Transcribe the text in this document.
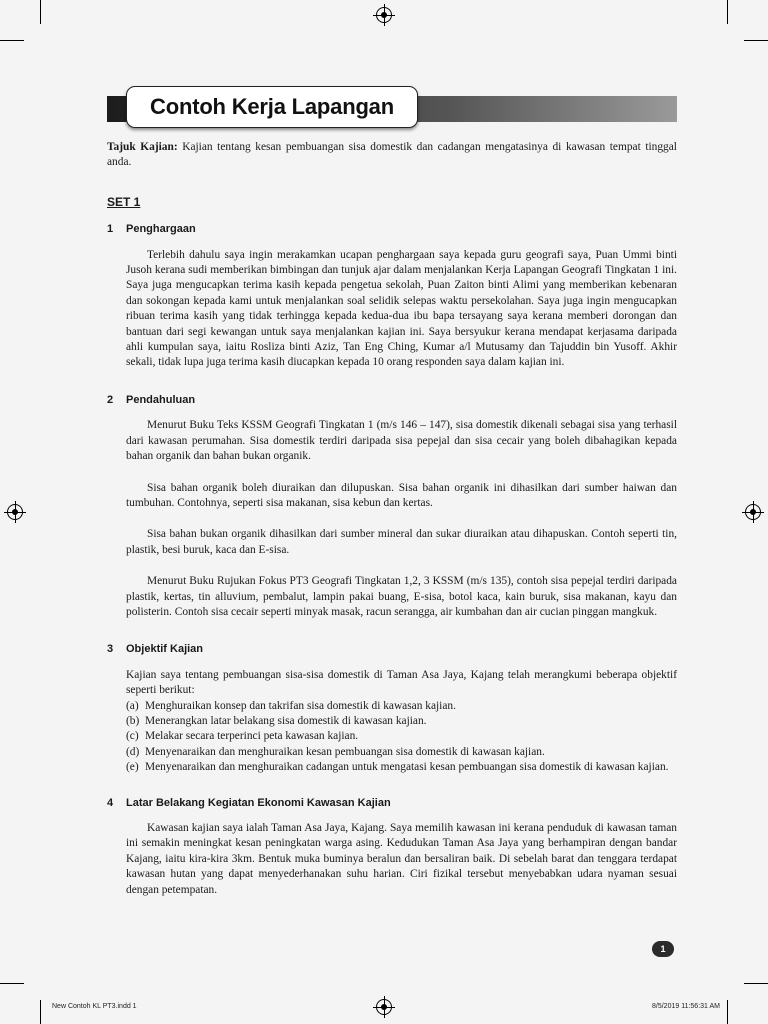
Contoh Kerja Lapangan

Tajuk Kajian: Kajian tentang kesan pembuangan sisa domestik dan cadangan mengatasinya di kawasan tempat tinggal anda.

SET 1
1	Penghargaan

Terlebih dahulu saya ingin merakamkan ucapan penghargaan saya kepada guru geografi saya, Puan Ummi binti Jusoh kerana sudi memberikan bimbingan dan tunjuk ajar dalam menjalankan Kerja Lapangan Geografi Tingkatan 1 ini. Saya juga mengucapkan terima kasih kepada pengetua sekolah, Puan Zaiton binti Alimi yang memberikan kebenaran dan sokongan kepada kami untuk menjalankan soal selidik selepas waktu persekolahan. Saya juga ingin mengucapkan ribuan terima kasih yang tidak terhingga kepada kedua-dua ibu bapa tersayang saya kerana memberi dorongan dan bantuan dari segi kewangan untuk saya menjalankan kajian ini. Saya bersyukur kerana mendapat kerjasama daripada ahli kumpulan saya, iaitu Rosliza binti Aziz, Tan Eng Ching, Kumar a/l Mutusamy dan Tajuddin bin Yusoff. Akhir sekali, tidak lupa juga terima kasih diucapkan kepada 10 orang responden saya dalam kajian ini.

2	Pendahuluan

Menurut Buku Teks KSSM Geografi Tingkatan 1 (m/s 146 – 147), sisa domestik dikenali sebagai sisa yang terhasil dari kawasan perumahan. Sisa domestik terdiri daripada sisa pepejal dan sisa cecair yang boleh dibahagikan kepada bahan organik dan bahan bukan organik.

Sisa bahan organik boleh diuraikan dan dilupuskan. Sisa bahan organik ini dihasilkan dari sumber haiwan dan tumbuhan. Contohnya, seperti sisa makanan, sisa kebun dan kertas.

Sisa bahan bukan organik dihasilkan dari sumber mineral dan sukar diuraikan atau dihapuskan. Contoh seperti tin, plastik, besi buruk, kaca dan E-sisa.

Menurut Buku Rujukan Fokus PT3 Geografi Tingkatan 1,2, 3 KSSM (m/s 135), contoh sisa pepejal terdiri daripada plastik, kertas, tin alluvium, pembalut, lampin pakai buang, E-sisa, botol kaca, kain buruk, sisa makanan, kayu dan polisterin. Contoh sisa cecair seperti minyak masak, racun serangga, air kumbahan dan air cucian pinggan mangkuk.

3	Objektif Kajian

Kajian saya tentang pembuangan sisa-sisa domestik di Taman Asa Jaya, Kajang telah merangkumi beberapa objektif seperti berikut:

(a) Menghuraikan konsep dan takrifan sisa domestik di kawasan kajian.
(b) Menerangkan latar belakang sisa domestik di kawasan kajian.
(c) Melakar secara terperinci peta kawasan kajian.
(d) Menyenaraikan dan menghuraikan kesan pembuangan sisa domestik di kawasan kajian.
(e) Menyenaraikan dan menghuraikan cadangan untuk mengatasi kesan pembuangan sisa domestik di kawasan kajian.
4	Latar Belakang Kegiatan Ekonomi Kawasan Kajian

Kawasan kajian saya ialah Taman Asa Jaya, Kajang. Saya memilih kawasan ini kerana penduduk di kawasan taman ini semakin meningkat kesan peningkatan warga asing. Kedudukan Taman Asa Jaya yang berhampiran dengan bandar Kajang, iaitu kira-kira 3km. Bentuk muka buminya beralun dan bersaliran baik. Di sebelah barat dan tenggara terdapat kawasan hutan yang dapat menyederhanakan suhu harian. Ciri fizikal tersebut menyebabkan udara nyaman sesuai dengan petempatan.

1
New Contoh KL PT3.indd 1	8/5/2019 11:56:31 AM
